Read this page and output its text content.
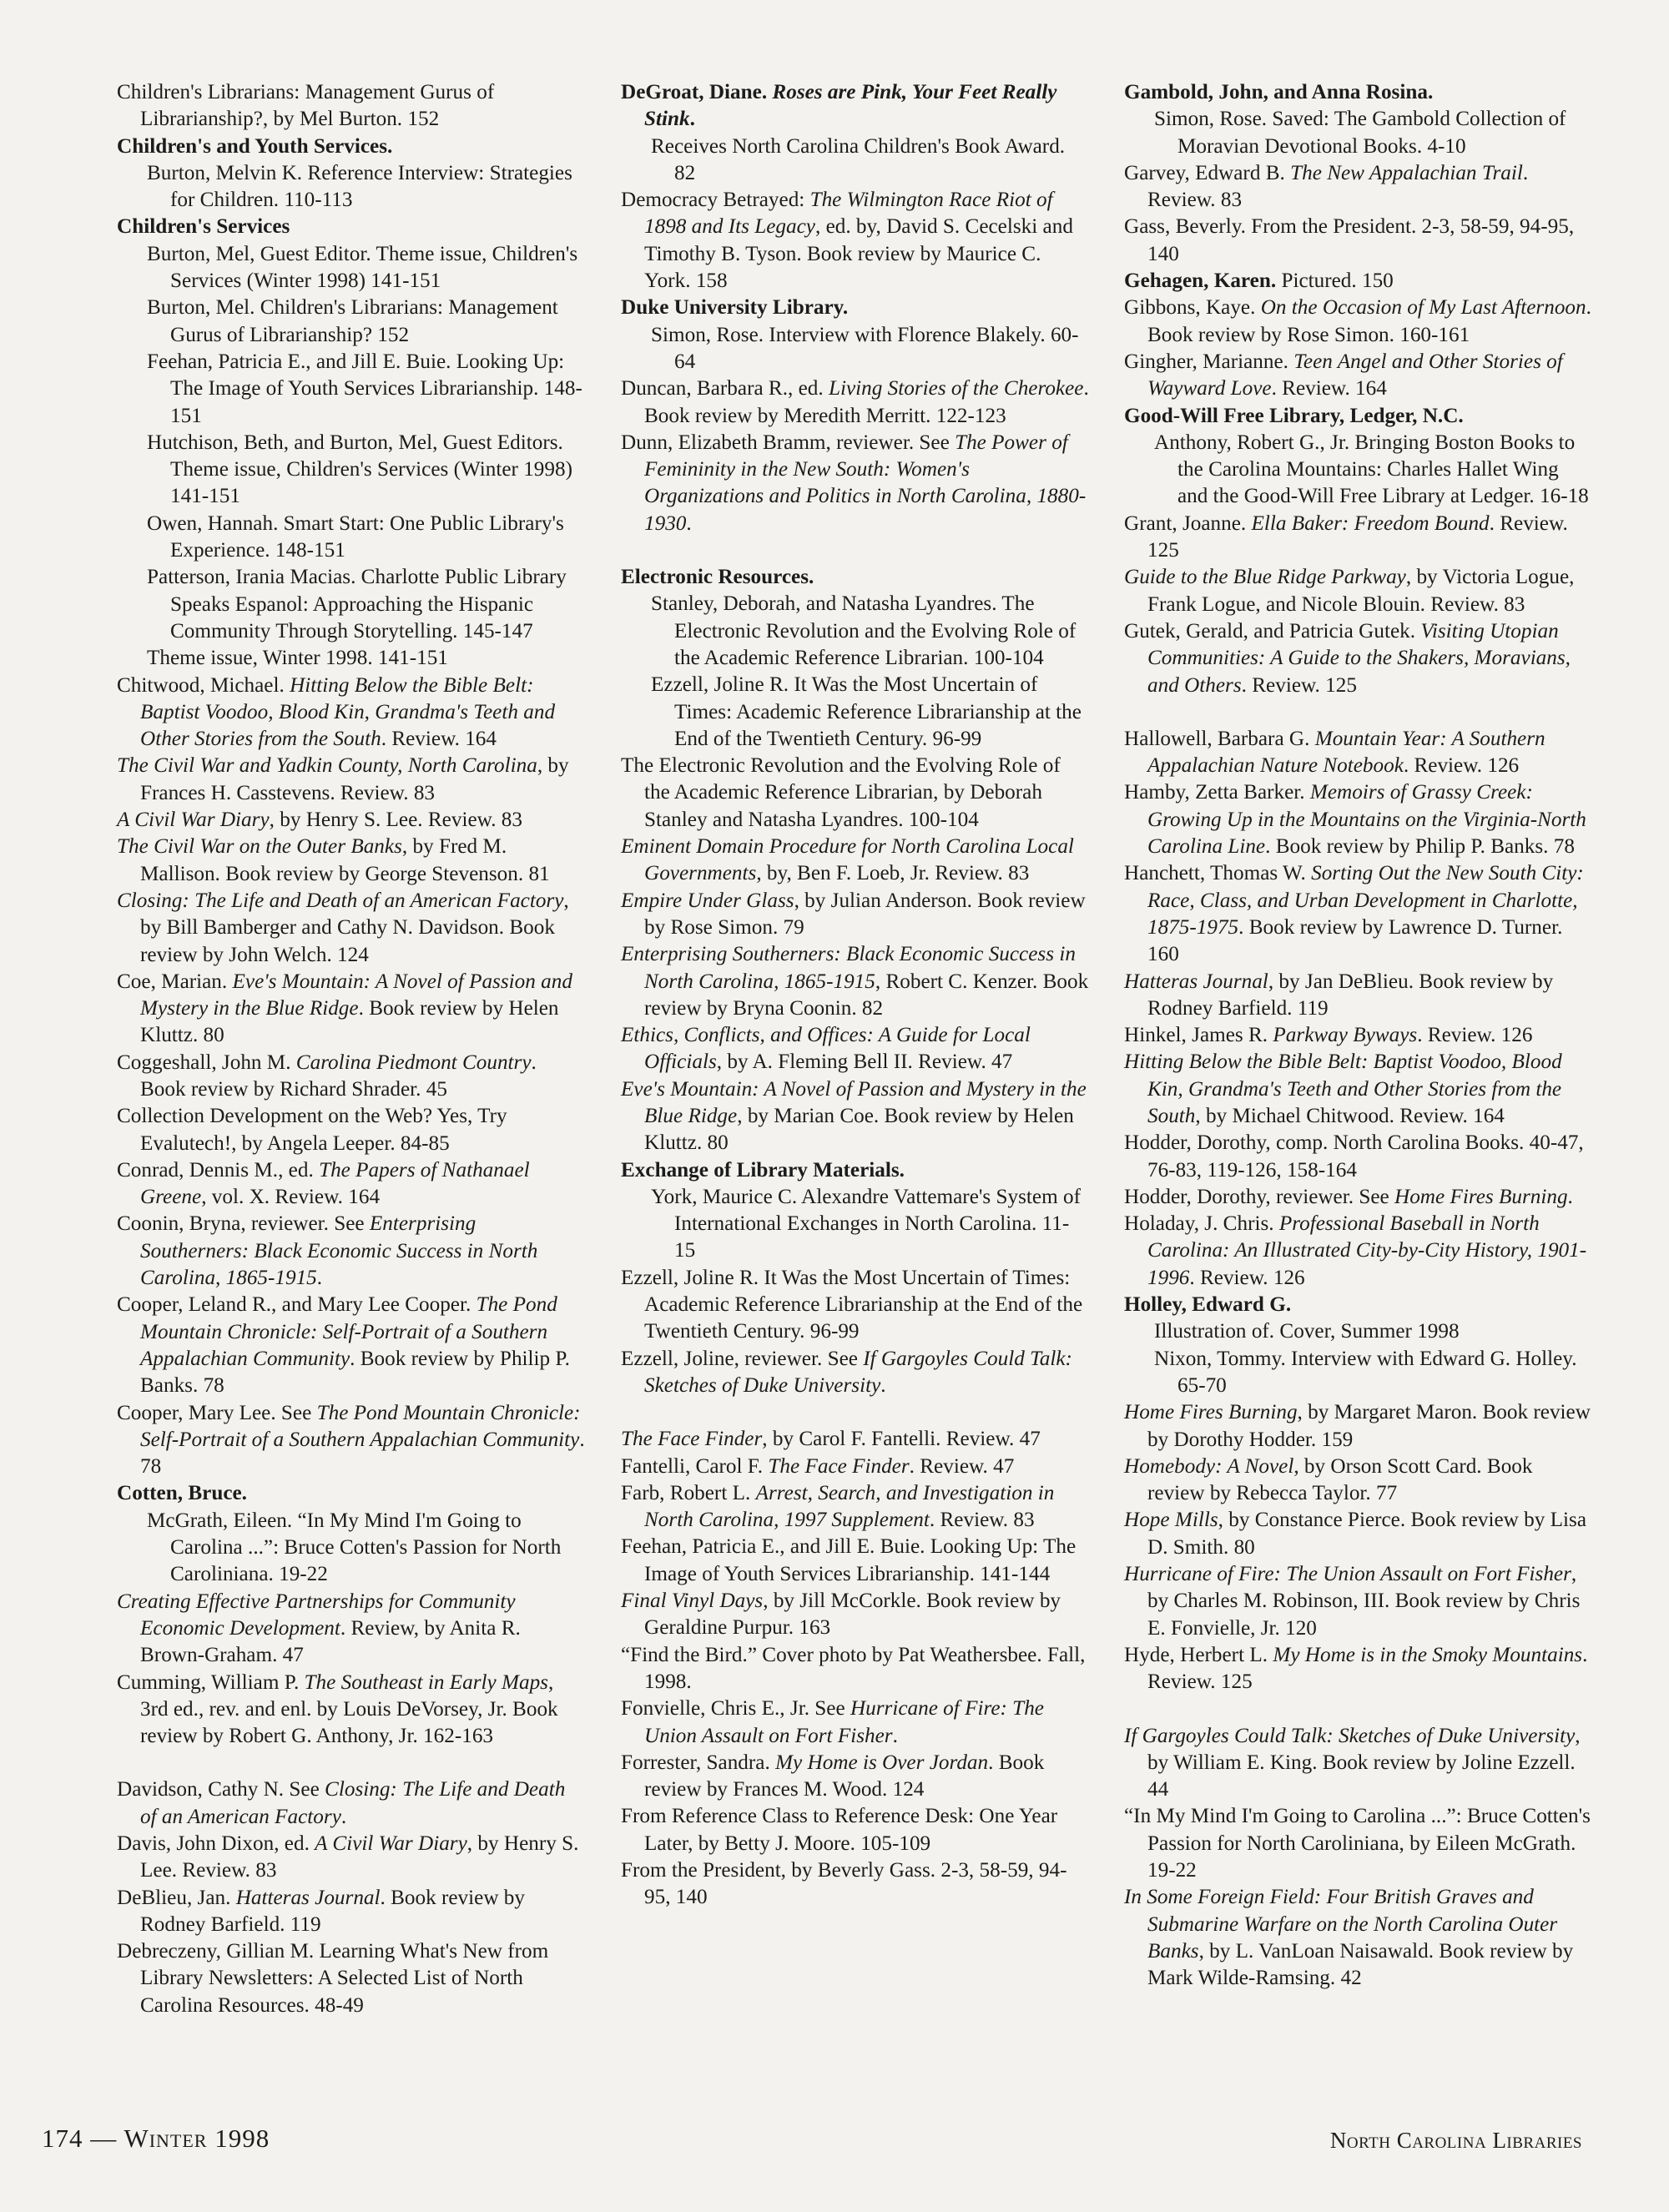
Children's Librarians: Management Gurus of Librarianship?, by Mel Burton. 152
Children's and Youth Services.
Burton, Melvin K. Reference Interview: Strategies for Children. 110-113
Children's Services
Burton, Mel, Guest Editor. Theme issue, Children's Services (Winter 1998) 141-151
Burton, Mel. Children's Librarians: Management Gurus of Librarianship? 152
Feehan, Patricia E., and Jill E. Buie. Looking Up: The Image of Youth Services Librarianship. 148-151
Hutchison, Beth, and Burton, Mel, Guest Editors. Theme issue, Children's Services (Winter 1998) 141-151
Owen, Hannah. Smart Start: One Public Library's Experience. 148-151
Patterson, Irania Macias. Charlotte Public Library Speaks Espanol: Approaching the Hispanic Community Through Storytelling. 145-147
Theme issue, Winter 1998. 141-151
Chitwood, Michael. Hitting Below the Bible Belt: Baptist Voodoo, Blood Kin, Grandma's Teeth and Other Stories from the South. Review. 164
The Civil War and Yadkin County, North Carolina, by Frances H. Casstevens. Review. 83
A Civil War Diary, by Henry S. Lee. Review. 83
The Civil War on the Outer Banks, by Fred M. Mallison. Book review by George Stevenson. 81
Closing: The Life and Death of an American Factory, by Bill Bamberger and Cathy N. Davidson. Book review by John Welch. 124
Coe, Marian. Eve's Mountain: A Novel of Passion and Mystery in the Blue Ridge. Book review by Helen Kluttz. 80
Coggeshall, John M. Carolina Piedmont Country. Book review by Richard Shrader. 45
Collection Development on the Web? Yes, Try Evalutech!, by Angela Leeper. 84-85
Conrad, Dennis M., ed. The Papers of Nathanael Greene, vol. X. Review. 164
Coonin, Bryna, reviewer. See Enterprising Southerners: Black Economic Success in North Carolina, 1865-1915.
Cooper, Leland R., and Mary Lee Cooper. The Pond Mountain Chronicle: Self-Portrait of a Southern Appalachian Community. Book review by Philip P. Banks. 78
Cooper, Mary Lee. See The Pond Mountain Chronicle: Self-Portrait of a Southern Appalachian Community. 78
Cotten, Bruce.
McGrath, Eileen. “In My Mind I'm Going to Carolina ...”: Bruce Cotten's Passion for North Caroliniana. 19-22
Creating Effective Partnerships for Community Economic Development. Review, by Anita R. Brown-Graham. 47
Cumming, William P. The Southeast in Early Maps, 3rd ed., rev. and enl. by Louis DeVorsey, Jr. Book review by Robert G. Anthony, Jr. 162-163
Davidson, Cathy N. See Closing: The Life and Death of an American Factory.
Davis, John Dixon, ed. A Civil War Diary, by Henry S. Lee. Review. 83
DeBlieu, Jan. Hatteras Journal. Book review by Rodney Barfield. 119
Debreczeny, Gillian M. Learning What's New from Library Newsletters: A Selected List of North Carolina Resources. 48-49
DeGroat, Diane. Roses are Pink, Your Feet Really Stink.
Receives North Carolina Children's Book Award. 82
Democracy Betrayed: The Wilmington Race Riot of 1898 and Its Legacy, ed. by, David S. Cecelski and Timothy B. Tyson. Book review by Maurice C. York. 158
Duke University Library.
Simon, Rose. Interview with Florence Blakely. 60-64
Duncan, Barbara R., ed. Living Stories of the Cherokee. Book review by Meredith Merritt. 122-123
Dunn, Elizabeth Bramm, reviewer. See The Power of Femininity in the New South: Women's Organizations and Politics in North Carolina, 1880-1930.
Electronic Resources.
Stanley, Deborah, and Natasha Lyandres. The Electronic Revolution and the Evolving Role of the Academic Reference Librarian. 100-104
Ezzell, Joline R. It Was the Most Uncertain of Times: Academic Reference Librarianship at the End of the Twentieth Century. 96-99
The Electronic Revolution and the Evolving Role of the Academic Reference Librarian, by Deborah Stanley and Natasha Lyandres. 100-104
Eminent Domain Procedure for North Carolina Local Governments, by, Ben F. Loeb, Jr. Review. 83
Empire Under Glass, by Julian Anderson. Book review by Rose Simon. 79
Enterprising Southerners: Black Economic Success in North Carolina, 1865-1915, Robert C. Kenzer. Book review by Bryna Coonin. 82
Ethics, Conflicts, and Offices: A Guide for Local Officials, by A. Fleming Bell II. Review. 47
Eve's Mountain: A Novel of Passion and Mystery in the Blue Ridge, by Marian Coe. Book review by Helen Kluttz. 80
Exchange of Library Materials.
York, Maurice C. Alexandre Vattemare's System of International Exchanges in North Carolina. 11-15
Ezzell, Joline R. It Was the Most Uncertain of Times: Academic Reference Librarianship at the End of the Twentieth Century. 96-99
Ezzell, Joline, reviewer. See If Gargoyles Could Talk: Sketches of Duke University.
The Face Finder, by Carol F. Fantelli. Review. 47
Fantelli, Carol F. The Face Finder. Review. 47
Farb, Robert L. Arrest, Search, and Investigation in North Carolina, 1997 Supplement. Review. 83
Feehan, Patricia E., and Jill E. Buie. Looking Up: The Image of Youth Services Librarianship. 141-144
Final Vinyl Days, by Jill McCorkle. Book review by Geraldine Purpur. 163
“Find the Bird.” Cover photo by Pat Weathersbee. Fall, 1998.
Fonvielle, Chris E., Jr. See Hurricane of Fire: The Union Assault on Fort Fisher.
Forrester, Sandra. My Home is Over Jordan. Book review by Frances M. Wood. 124
From Reference Class to Reference Desk: One Year Later, by Betty J. Moore. 105-109
From the President, by Beverly Gass. 2-3, 58-59, 94-95, 140
Gambold, John, and Anna Rosina.
Simon, Rose. Saved: The Gambold Collection of Moravian Devotional Books. 4-10
Garvey, Edward B. The New Appalachian Trail. Review. 83
Gass, Beverly. From the President. 2-3, 58-59, 94-95, 140
Gehagen, Karen. Pictured. 150
Gibbons, Kaye. On the Occasion of My Last Afternoon. Book review by Rose Simon. 160-161
Gingher, Marianne. Teen Angel and Other Stories of Wayward Love. Review. 164
Good-Will Free Library, Ledger, N.C.
Anthony, Robert G., Jr. Bringing Boston Books to the Carolina Mountains: Charles Hallet Wing and the Good-Will Free Library at Ledger. 16-18
Grant, Joanne. Ella Baker: Freedom Bound. Review. 125
Guide to the Blue Ridge Parkway, by Victoria Logue, Frank Logue, and Nicole Blouin. Review. 83
Gutek, Gerald, and Patricia Gutek. Visiting Utopian Communities: A Guide to the Shakers, Moravians, and Others. Review. 125
Hallowell, Barbara G. Mountain Year: A Southern Appalachian Nature Notebook. Review. 126
Hamby, Zetta Barker. Memoirs of Grassy Creek: Growing Up in the Mountains on the Virginia-North Carolina Line. Book review by Philip P. Banks. 78
Hanchett, Thomas W. Sorting Out the New South City: Race, Class, and Urban Development in Charlotte, 1875-1975. Book review by Lawrence D. Turner. 160
Hatteras Journal, by Jan DeBlieu. Book review by Rodney Barfield. 119
Hinkel, James R. Parkway Byways. Review. 126
Hitting Below the Bible Belt: Baptist Voodoo, Blood Kin, Grandma's Teeth and Other Stories from the South, by Michael Chitwood. Review. 164
Hodder, Dorothy, comp. North Carolina Books. 40-47, 76-83, 119-126, 158-164
Hodder, Dorothy, reviewer. See Home Fires Burning.
Holaday, J. Chris. Professional Baseball in North Carolina: An Illustrated City-by-City History, 1901-1996. Review. 126
Holley, Edward G.
Illustration of. Cover, Summer 1998
Nixon, Tommy. Interview with Edward G. Holley. 65-70
Home Fires Burning, by Margaret Maron. Book review by Dorothy Hodder. 159
Homebody: A Novel, by Orson Scott Card. Book review by Rebecca Taylor. 77
Hope Mills, by Constance Pierce. Book review by Lisa D. Smith. 80
Hurricane of Fire: The Union Assault on Fort Fisher, by Charles M. Robinson, III. Book review by Chris E. Fonvielle, Jr. 120
Hyde, Herbert L. My Home is in the Smoky Mountains. Review. 125
If Gargoyles Could Talk: Sketches of Duke University, by William E. King. Book review by Joline Ezzell. 44
“In My Mind I'm Going to Carolina ...”: Bruce Cotten's Passion for North Caroliniana, by Eileen McGrath. 19-22
In Some Foreign Field: Four British Graves and Submarine Warfare on the North Carolina Outer Banks, by L. VanLoan Naisawald. Book review by Mark Wilde-Ramsing. 42
174 — Winter 1998	North Carolina Libraries
